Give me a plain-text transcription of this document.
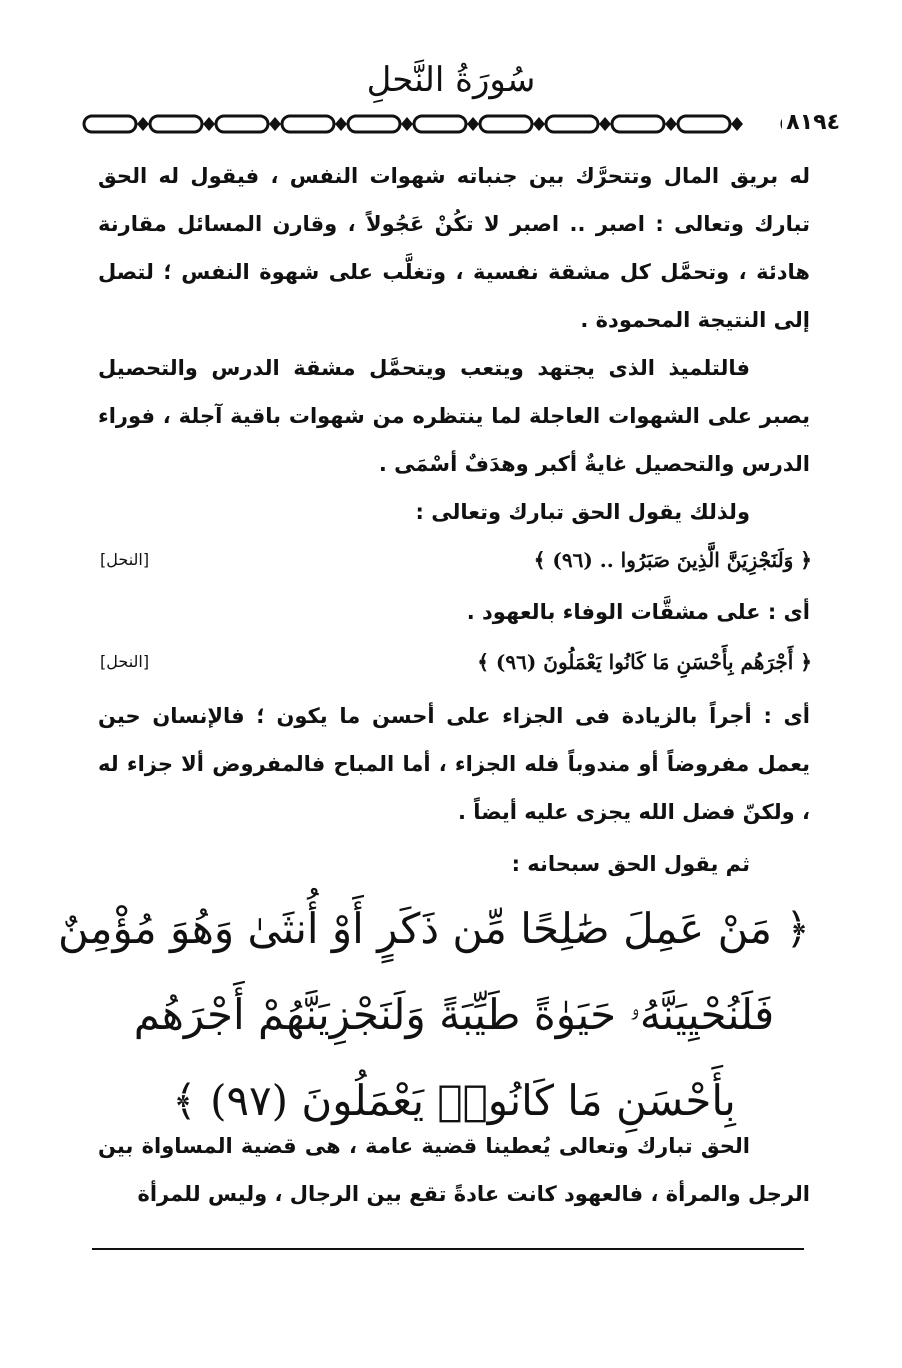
سُورَةُ النَّحلِ
٨١٩٤

له بريق المال وتتحرَّك بين جنباته شهوات النفس ، فيقول له الحق تبارك وتعالى : اصبر .. اصبر لا تكُنْ عَجُولاً ، وقارن المسائل مقارنة هادئة ، وتحمَّل كل مشقة نفسية ، وتغلَّب على شهوة النفس ؛ لتصل إلى النتيجة المحمودة .

فالتلميذ الذى يجتهد ويتعب ويتحمَّل مشقة الدرس والتحصيل يصبر على الشهوات العاجلة لما ينتظره من شهوات باقية آجلة ، فوراء الدرس والتحصيل غايةٌ أكبر وهدَفٌ أسْمَى .

ولذلك يقول الحق تبارك وتعالى :

﴿ وَلَنَجْزِيَنَّ الَّذِينَ صَبَرُوا .. (٩٦) ﴾
[النحل]

أى : على مشقَّات الوفاء بالعهود .

﴿ أَجْرَهُم بِأَحْسَنِ مَا كَانُوا يَعْمَلُونَ (٩٦) ﴾
[النحل]

أى : أجراً بالزيادة فى الجزاء على أحسن ما يكون ؛ فالإنسان حين يعمل مفروضاً أو مندوباً فله الجزاء ، أما المباح فالمفروض ألا جزاء له ، ولكنّ فضل الله يجزى عليه أيضاً .

ثم يقول الحق سبحانه :

﴿ مَنْ عَمِلَ صَٰلِحًا مِّن ذَكَرٍ أَوْ أُنثَىٰ وَهُوَ مُؤْمِنٌ
فَلَنُحْيِيَنَّهُۥ حَيَوٰةً طَيِّبَةً وَلَنَجْزِيَنَّهُمْ أَجْرَهُم
بِأَحْسَنِ مَا كَانُوا۟ يَعْمَلُونَ (٩٧) ﴾

الحق تبارك وتعالى يُعطينا قضية عامة ، هى قضية المساواة بين الرجل والمرأة ، فالعهود كانت عادةً تقع بين الرجال ، وليس للمرأة
